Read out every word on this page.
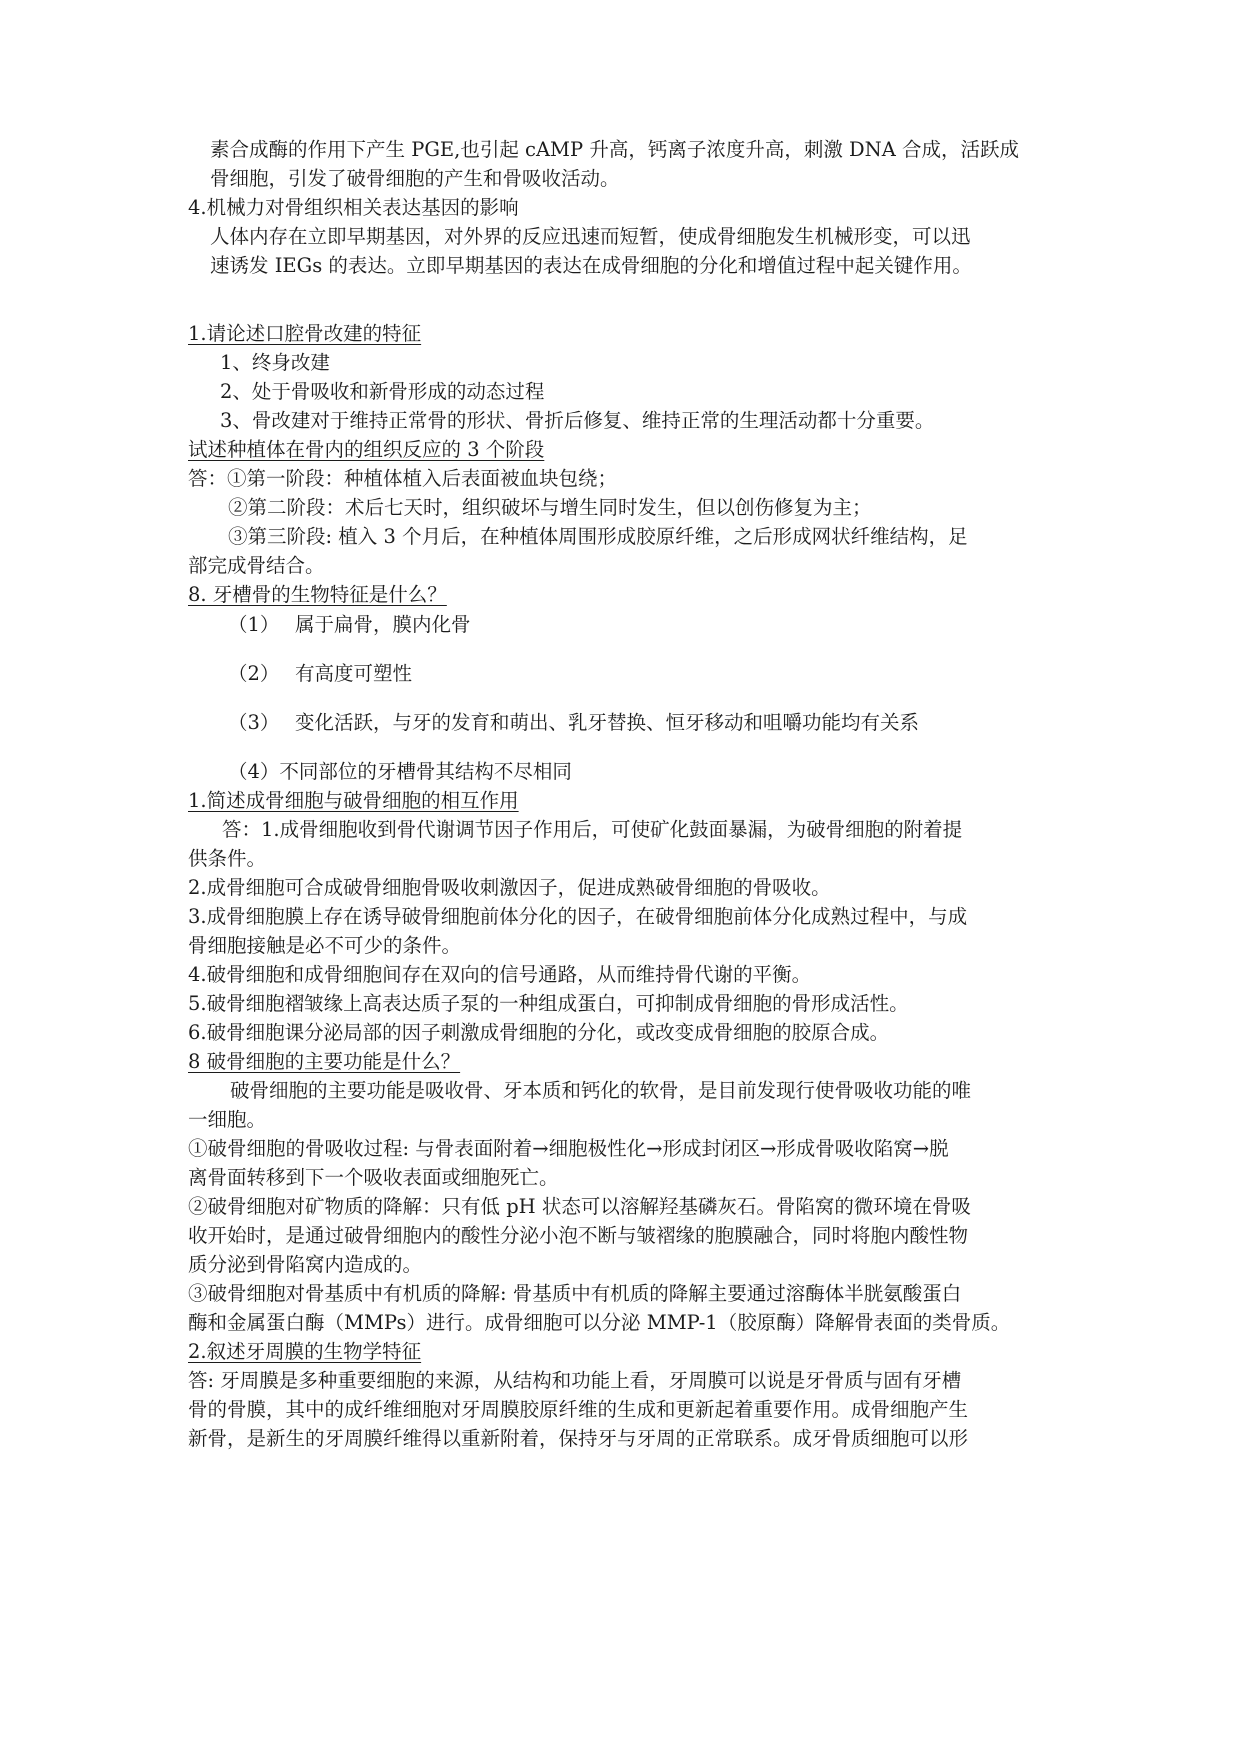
素合成酶的作用下产生 PGE,也引起 cAMP 升高，钙离子浓度升高，刺激 DNA 合成，活跃成
骨细胞，引发了破骨细胞的产生和骨吸收活动。
4.机械力对骨组织相关表达基因的影响
人体内存在立即早期基因，对外界的反应迅速而短暂，使成骨细胞发生机械形变，可以迅
速诱发 IEGs 的表达。立即早期基因的表达在成骨细胞的分化和增值过程中起关键作用。
1.请论述口腔骨改建的特征
1、终身改建
2、处于骨吸收和新骨形成的动态过程
3、骨改建对于维持正常骨的形状、骨折后修复、维持正常的生理活动都十分重要。
试述种植体在骨内的组织反应的 3 个阶段
答：①第一阶段：种植体植入后表面被血块包绕；
②第二阶段：术后七天时，组织破坏与增生同时发生，但以创伤修复为主；
③第三阶段: 植入 3 个月后，在种植体周围形成胶原纤维，之后形成网状纤维结构，足
部完成骨结合。
8. 牙槽骨的生物特征是什么？
（1） 属于扁骨，膜内化骨
（2） 有高度可塑性
（3） 变化活跃，与牙的发育和萌出、乳牙替换、恒牙移动和咀嚼功能均有关系
（4）不同部位的牙槽骨其结构不尽相同
1.简述成骨细胞与破骨细胞的相互作用
答：1.成骨细胞收到骨代谢调节因子作用后，可使矿化鼓面暴漏，为破骨细胞的附着提
供条件。
2.成骨细胞可合成破骨细胞骨吸收刺激因子，促进成熟破骨细胞的骨吸收。
3.成骨细胞膜上存在诱导破骨细胞前体分化的因子，在破骨细胞前体分化成熟过程中，与成
骨细胞接触是必不可少的条件。
4.破骨细胞和成骨细胞间存在双向的信号通路，从而维持骨代谢的平衡。
5.破骨细胞褶皱缘上高表达质子泵的一种组成蛋白，可抑制成骨细胞的骨形成活性。
6.破骨细胞课分泌局部的因子刺激成骨细胞的分化，或改变成骨细胞的胶原合成。
8 破骨细胞的主要功能是什么？
破骨细胞的主要功能是吸收骨、牙本质和钙化的软骨，是目前发现行使骨吸收功能的唯
一细胞。
①破骨细胞的骨吸收过程: 与骨表面附着→细胞极性化→形成封闭区→形成骨吸收陷窝→脱
离骨面转移到下一个吸收表面或细胞死亡。
②破骨细胞对矿物质的降解：只有低 pH 状态可以溶解羟基磷灰石。骨陷窝的微环境在骨吸
收开始时，是通过破骨细胞内的酸性分泌小泡不断与皱褶缘的胞膜融合，同时将胞内酸性物
质分泌到骨陷窝内造成的。
③破骨细胞对骨基质中有机质的降解: 骨基质中有机质的降解主要通过溶酶体半胱氨酸蛋白
酶和金属蛋白酶（MMPs）进行。成骨细胞可以分泌 MMP-1（胶原酶）降解骨表面的类骨质。
2.叙述牙周膜的生物学特征
答: 牙周膜是多种重要细胞的来源，从结构和功能上看，牙周膜可以说是牙骨质与固有牙槽
骨的骨膜，其中的成纤维细胞对牙周膜胶原纤维的生成和更新起着重要作用。成骨细胞产生
新骨，是新生的牙周膜纤维得以重新附着，保持牙与牙周的正常联系。成牙骨质细胞可以形
